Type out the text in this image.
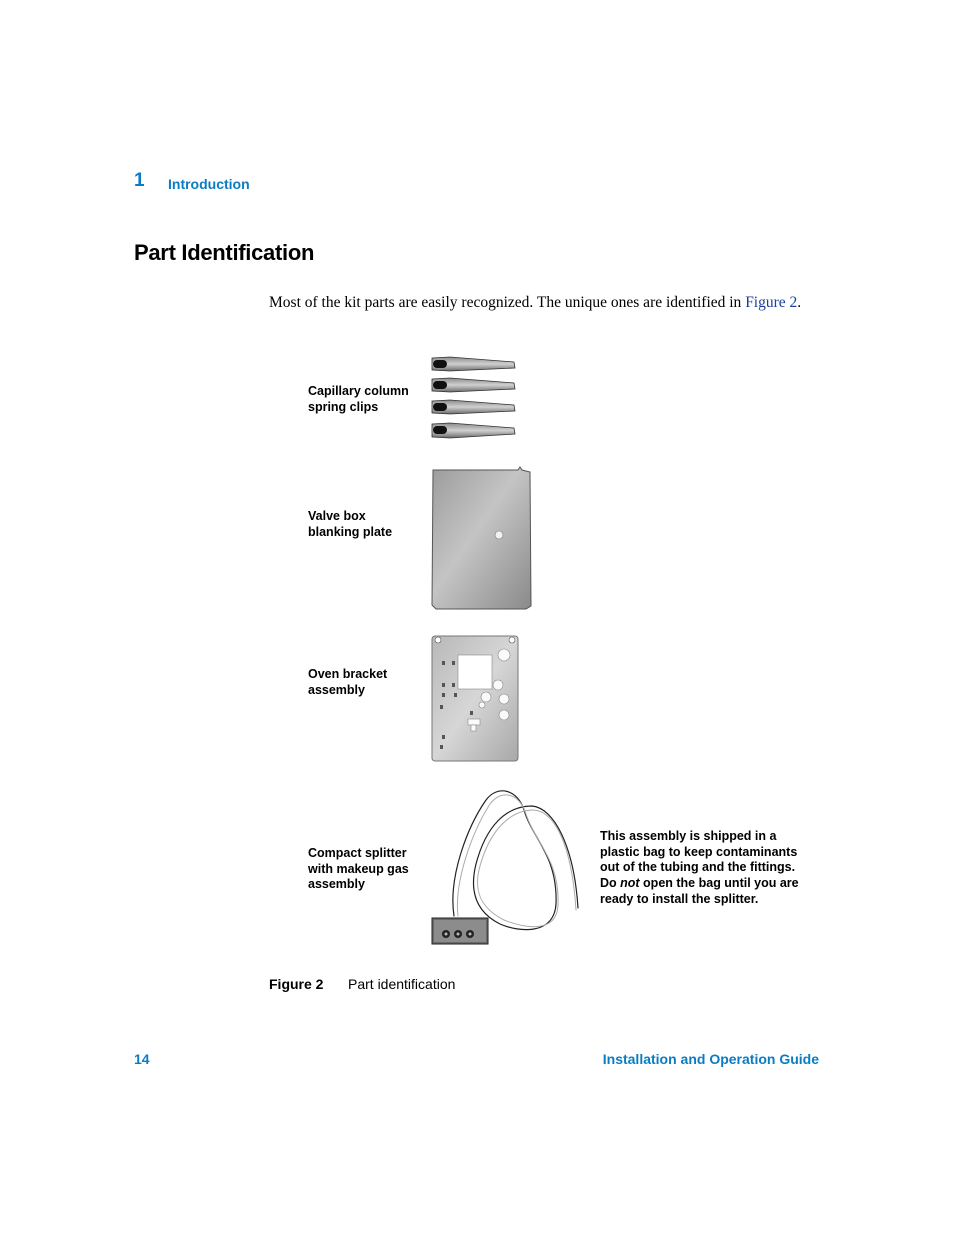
1 Introduction
Part Identification
Most of the kit parts are easily recognized. The unique ones are identified in Figure 2.
Capillary column
spring clips
Valve box
blanking plate
Oven bracket
assembly
Compact splitter
with makeup gas
assembly
This assembly is shipped in a
plastic bag to keep contaminants
out of the tubing and the fittings.
Do not open the bag until you are
ready to install the splitter.
Figure 2 Part identification
14	Installation and Operation Guide
